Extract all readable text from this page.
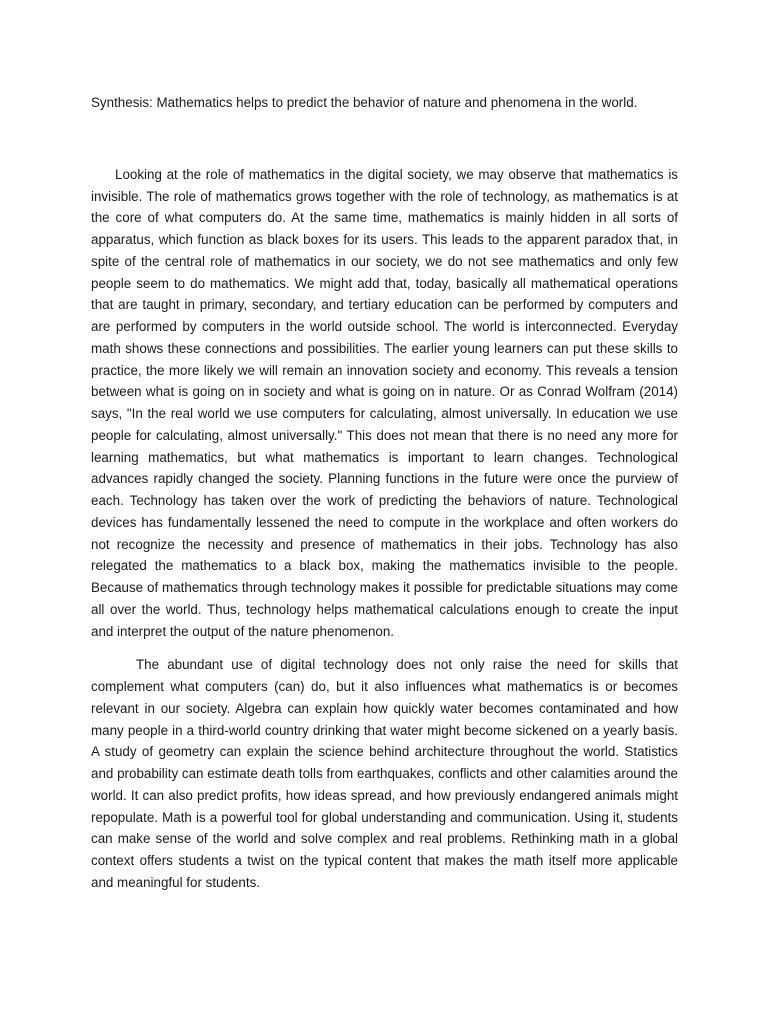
Synthesis: Mathematics helps to predict the behavior of nature and phenomena in the world.

Looking at the role of mathematics in the digital society, we may observe that mathematics is invisible. The role of mathematics grows together with the role of technology, as mathematics is at the core of what computers do. At the same time, mathematics is mainly hidden in all sorts of apparatus, which function as black boxes for its users. This leads to the apparent paradox that, in spite of the central role of mathematics in our society, we do not see mathematics and only few people seem to do mathematics. We might add that, today, basically all mathematical operations that are taught in primary, secondary, and tertiary education can be performed by computers and are performed by computers in the world outside school. The world is interconnected. Everyday math shows these connections and possibilities. The earlier young learners can put these skills to practice, the more likely we will remain an innovation society and economy. This reveals a tension between what is going on in society and what is going on in nature. Or as Conrad Wolfram (2014) says, "In the real world we use computers for calculating, almost universally. In education we use people for calculating, almost universally." This does not mean that there is no need any more for learning mathematics, but what mathematics is important to learn changes. Technological advances rapidly changed the society. Planning functions in the future were once the purview of each. Technology has taken over the work of predicting the behaviors of nature. Technological devices has fundamentally lessened the need to compute in the workplace and often workers do not recognize the necessity and presence of mathematics in their jobs. Technology has also relegated the mathematics to a black box, making the mathematics invisible to the people. Because of mathematics through technology makes it possible for predictable situations may come all over the world. Thus, technology helps mathematical calculations enough to create the input and interpret the output of the nature phenomenon.

The abundant use of digital technology does not only raise the need for skills that complement what computers (can) do, but it also influences what mathematics is or becomes relevant in our society. Algebra can explain how quickly water becomes contaminated and how many people in a third-world country drinking that water might become sickened on a yearly basis. A study of geometry can explain the science behind architecture throughout the world. Statistics and probability can estimate death tolls from earthquakes, conflicts and other calamities around the world. It can also predict profits, how ideas spread, and how previously endangered animals might repopulate. Math is a powerful tool for global understanding and communication. Using it, students can make sense of the world and solve complex and real problems. Rethinking math in a global context offers students a twist on the typical content that makes the math itself more applicable and meaningful for students.
